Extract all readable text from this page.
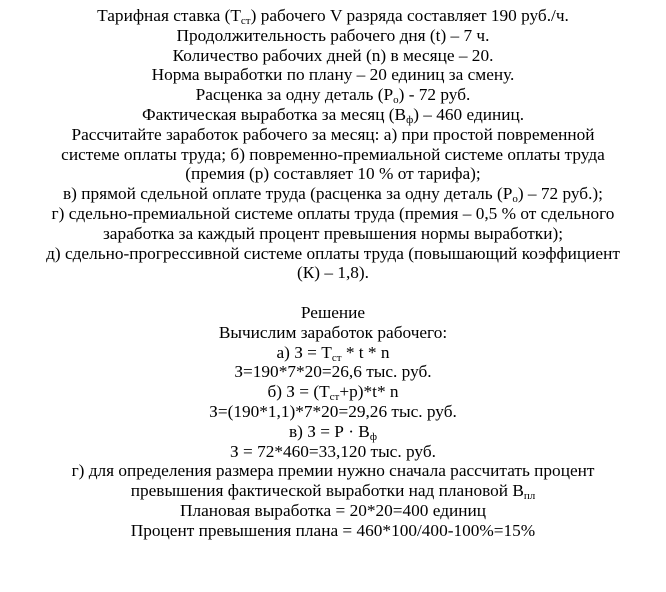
Тарифная ставка $(Т_{ст})$ рабочего V разряда составляет 190 руб./ч.
Продолжительность рабочего дня (t) – 7 ч.
Количество рабочих дней (n) в месяце – 20.
Норма выработки по плану – 20 единиц за смену.
Расценка за одну деталь $(Р_о) - 72$ руб.
Фактическая выработка за месяц $(В_ф) - 460$ единиц.
Рассчитайте заработок рабочего за месяц: а) при простой повременной
системе оплаты труда; б) повременно-премиальной системе оплаты труда
(премия (р) составляет 10 % от тарифа);
в) прямой сдельной оплате труда (расценка за одну деталь $(Р_о) - 72$ руб.);
г) сдельно-премиальной системе оплаты труда (премия – 0,5 % от сдельного
заработка за каждый процент превышения нормы выработки);
д) сдельно-прогрессивной системе оплаты труда (повышающий коэффициент
(К) – 1,8).
Решение
Вычислим заработок рабочего:
а) $З = Т_{ст} * t * n$
З=190*7*20=26,6 тыс. руб.
б) $З = (Т_{ст}+р)*t*$ n
З=(190*1,1)*7*20=29,26 тыс. руб.
в) $З = Р \cdot В_ф$
З = 72*460=33,120 тыс. руб.
г) для определения размера премии нужно сначала рассчитать процент
превышения фактической выработки над плановой $В_{пл}$
Плановая выработка = 20*20=400 единиц
Процент превышения плана = 460*100/400-100%=15%
